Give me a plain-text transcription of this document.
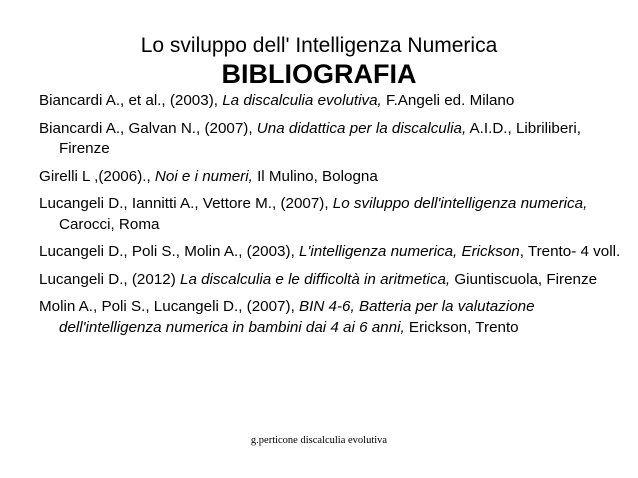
Lo sviluppo dell' Intelligenza Numerica
BIBLIOGRAFIA
Biancardi A., et al., (2003), La discalculia evolutiva, F.Angeli ed. Milano
Biancardi A., Galvan N., (2007), Una didattica per la discalculia, A.I.D., Libriliberi, Firenze
Girelli L ,(2006)., Noi e i numeri, Il Mulino, Bologna
Lucangeli D., Iannitti A., Vettore M., (2007), Lo sviluppo dell'intelligenza numerica, Carocci, Roma
Lucangeli D., Poli S., Molin A., (2003), L'intelligenza numerica, Erickson, Trento- 4 voll.
Lucangeli D., (2012) La discalculia e le difficoltà in aritmetica, Giuntiscuola, Firenze
Molin A., Poli S., Lucangeli D., (2007), BIN 4-6, Batteria per la valutazione dell'intelligenza numerica in bambini dai 4 ai 6 anni, Erickson, Trento
g.perticone discalculia evolutiva
